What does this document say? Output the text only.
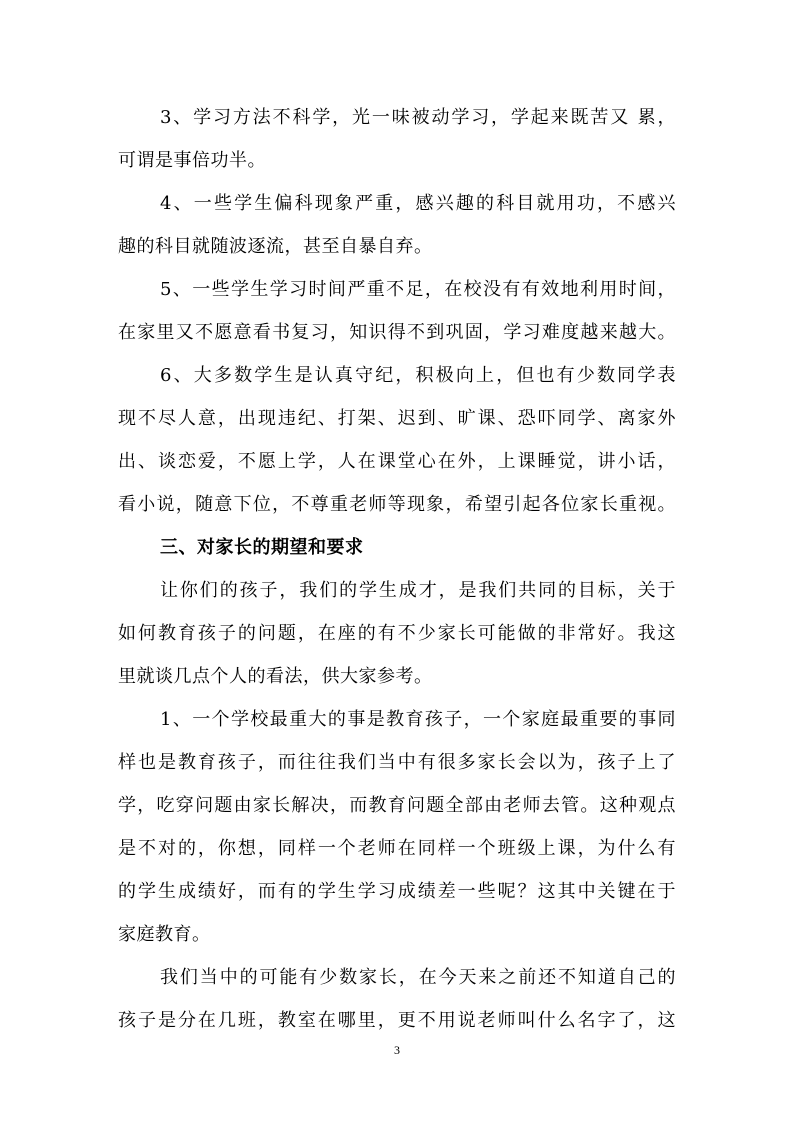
3、学习方法不科学，光一味被动学习，学起来既苦又 累，
可谓是事倍功半。
4、一些学生偏科现象严重，感兴趣的科目就用功，不感兴
趣的科目就随波逐流，甚至自暴自弃。
5、一些学生学习时间严重不足，在校没有有效地利用时间，
在家里又不愿意看书复习，知识得不到巩固，学习难度越来越大。
6、大多数学生是认真守纪，积极向上，但也有少数同学表
现不尽人意，出现违纪、打架、迟到、旷课、恐吓同学、离家外
出、谈恋爱，不愿上学，人在课堂心在外，上课睡觉，讲小话，
看小说，随意下位，不尊重老师等现象，希望引起各位家长重视。
三、对家长的期望和要求
让你们的孩子，我们的学生成才，是我们共同的目标，关于
如何教育孩子的问题，在座的有不少家长可能做的非常好。我这
里就谈几点个人的看法，供大家参考。
1、一个学校最重大的事是教育孩子，一个家庭最重要的事同
样也是教育孩子，而往往我们当中有很多家长会以为，孩子上了
学，吃穿问题由家长解决，而教育问题全部由老师去管。这种观点
是不对的，你想，同样一个老师在同样一个班级上课，为什么有
的学生成绩好，而有的学生学习成绩差一些呢？这其中关键在于
家庭教育。
我们当中的可能有少数家长，在今天来之前还不知道自己的
孩子是分在几班，教室在哪里，更不用说老师叫什么名字了，这
3
